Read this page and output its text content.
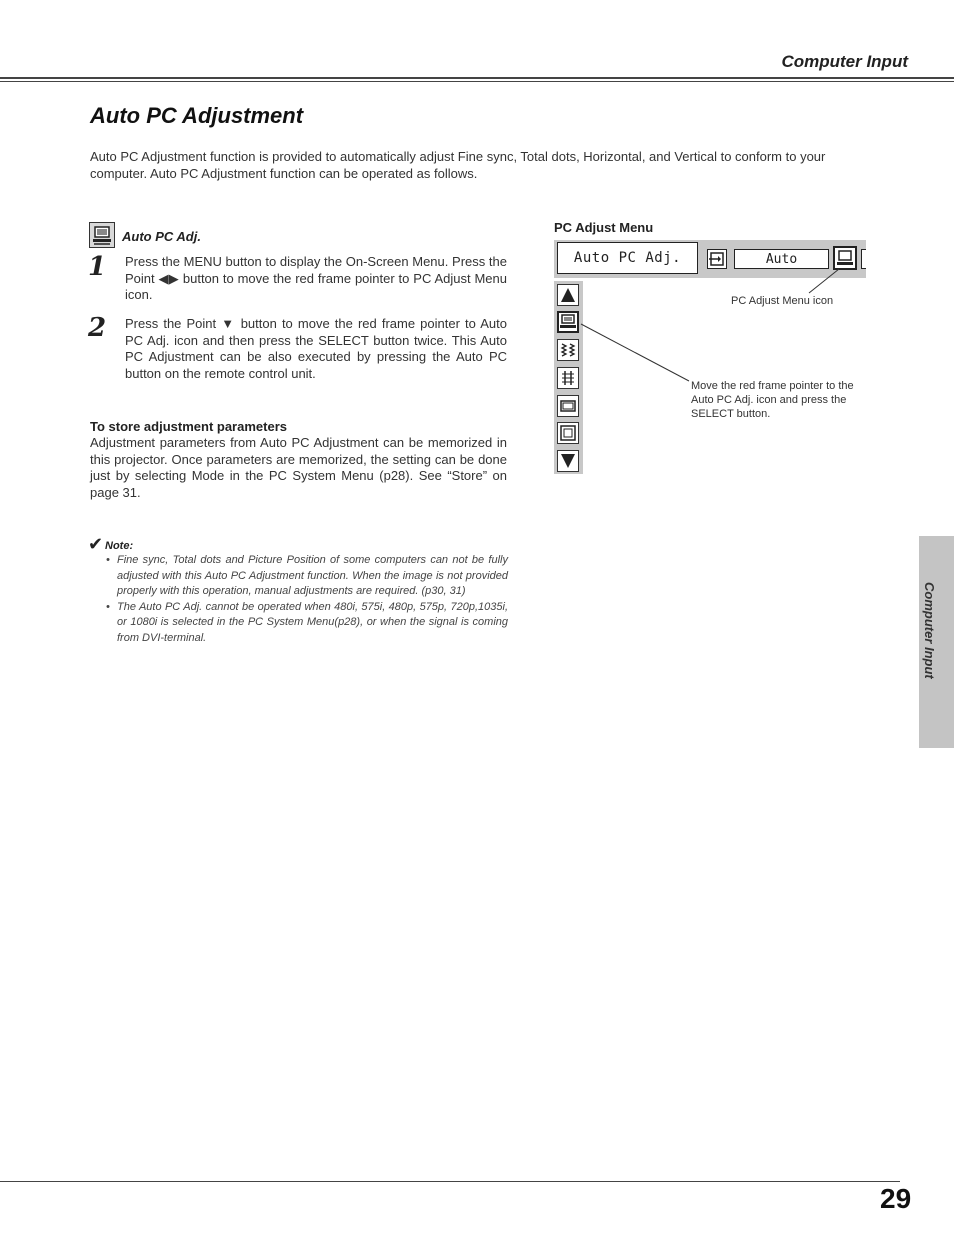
Computer Input
Auto PC Adjustment
Auto PC Adjustment function is provided to automatically adjust Fine sync, Total dots, Horizontal, and Vertical to conform to your computer. Auto PC Adjustment function can be operated as follows.
Auto PC Adj.
1 Press the MENU button to display the On-Screen Menu. Press the Point ◀▶ button to move the red frame pointer to PC Adjust Menu icon.
2 Press the Point ▼ button to move the red frame pointer to Auto PC Adj. icon and then press the SELECT button twice. This Auto PC Adjustment can be also executed by pressing the Auto PC button on the remote control unit.
To store adjustment parameters
Adjustment parameters from Auto PC Adjustment can be memorized in this projector. Once parameters are memorized, the setting can be done just by selecting Mode in the PC System Menu (p28). See “Store” on page 31.
✔ Note:
• Fine sync, Total dots and Picture Position of some computers can not be fully adjusted with this Auto PC Adjustment function. When the image is not provided properly with this operation, manual adjustments are required. (p30, 31)
• The Auto PC Adj. cannot be operated when 480i, 575i, 480p, 575p, 720p,1035i, or 1080i is selected in the PC System Menu(p28), or when the signal is coming from DVI-terminal.
PC Adjust Menu
Auto PC Adj.	Auto
PC Adjust Menu icon
Move the red frame pointer to the Auto PC Adj. icon and press the SELECT button.
Computer Input
29
